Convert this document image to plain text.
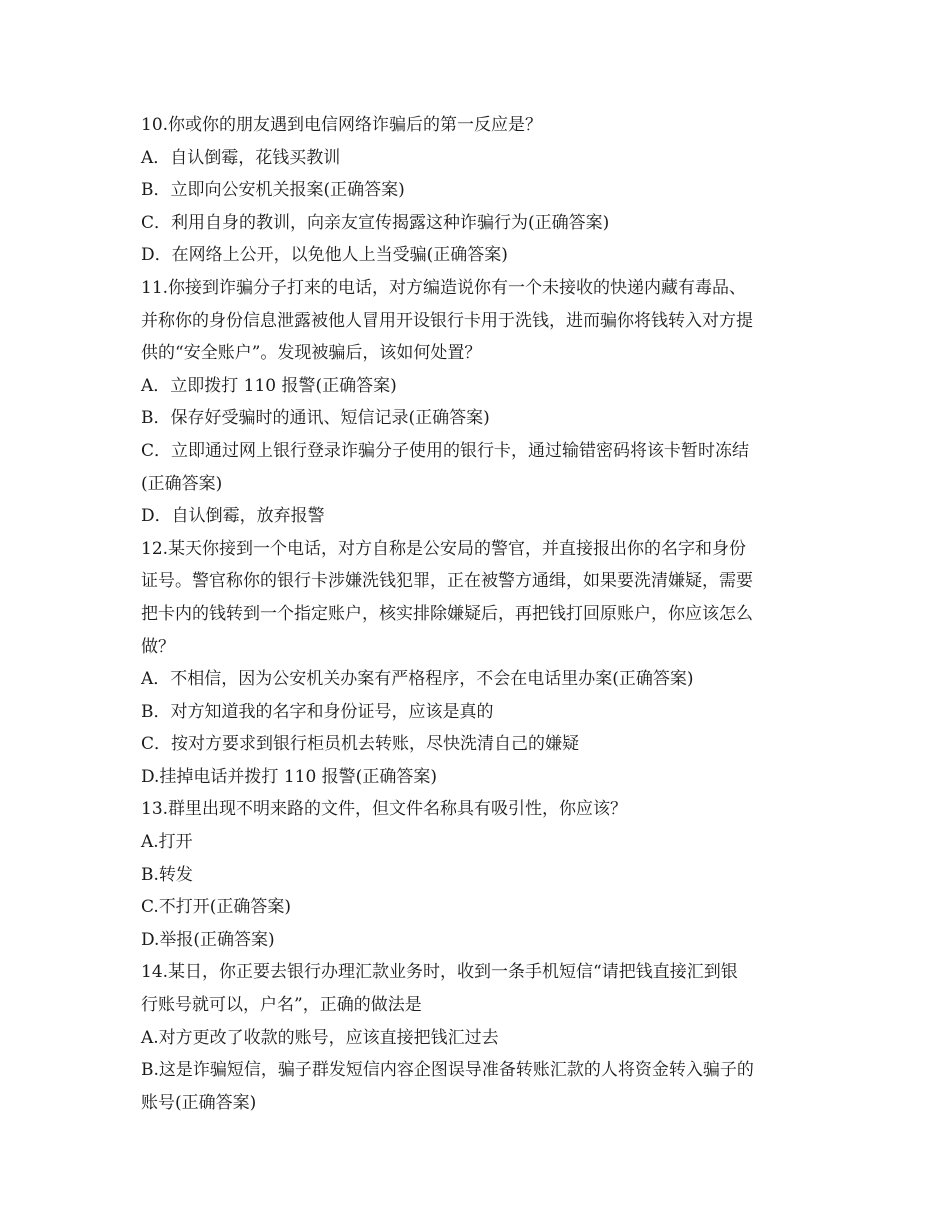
10.你或你的朋友遇到电信网络诈骗后的第一反应是？

A．自认倒霉，花钱买教训

B．立即向公安机关报案(正确答案)

C．利用自身的教训，向亲友宣传揭露这种诈骗行为(正确答案)

D．在网络上公开，以免他人上当受骗(正确答案)

11.你接到诈骗分子打来的电话，对方编造说你有一个未接收的快递内藏有毒品、

并称你的身份信息泄露被他人冒用开设银行卡用于洗钱，进而骗你将钱转入对方提

供的“安全账户”。发现被骗后，该如何处置？

A．立即拨打 110 报警(正确答案)

B．保存好受骗时的通讯、短信记录(正确答案)

C．立即通过网上银行登录诈骗分子使用的银行卡，通过输错密码将该卡暂时冻结

(正确答案)

D．自认倒霉，放弃报警

12.某天你接到一个电话，对方自称是公安局的警官，并直接报出你的名字和身份

证号。警官称你的银行卡涉嫌洗钱犯罪，正在被警方通缉，如果要洗清嫌疑，需要

把卡内的钱转到一个指定账户，核实排除嫌疑后，再把钱打回原账户，你应该怎么

做？

A．不相信，因为公安机关办案有严格程序，不会在电话里办案(正确答案)

B．对方知道我的名字和身份证号，应该是真的

C．按对方要求到银行柜员机去转账，尽快洗清自己的嫌疑

D.挂掉电话并拨打 110 报警(正确答案)

13.群里出现不明来路的文件，但文件名称具有吸引性，你应该？

A.打开

B.转发

C.不打开(正确答案)

D.举报(正确答案)

14.某日，你正要去银行办理汇款业务时，收到一条手机短信“请把钱直接汇到银

行账号就可以，户名”，正确的做法是

A.对方更改了收款的账号，应该直接把钱汇过去

B.这是诈骗短信，骗子群发短信内容企图误导准备转账汇款的人将资金转入骗子的

账号(正确答案)
